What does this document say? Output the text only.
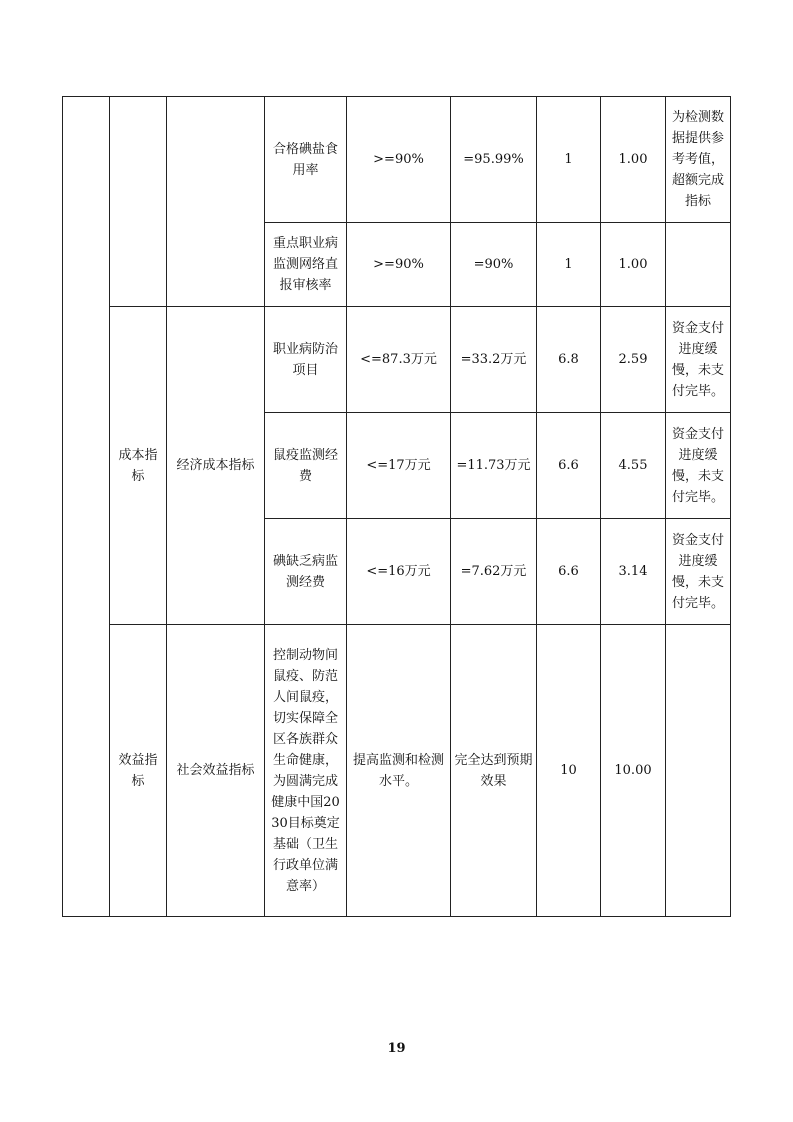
			合格碘盐食用率	>=90%	=95.99%	1	1.00	为检测数据提供参考考值，超额完成指标
			重点职业病监测网络直报审核率	>=90%	=90%	1	1.00	
	成本指标	经济成本指标	职业病防治项目	<=87.3万元	=33.2万元	6.8	2.59	资金支付进度缓慢，未支付完毕。
			鼠疫监测经费	<=17万元	=11.73万元	6.6	4.55	资金支付进度缓慢，未支付完毕。
			碘缺乏病监测经费	<=16万元	=7.62万元	6.6	3.14	资金支付进度缓慢，未支付完毕。
	效益指标	社会效益指标	控制动物间鼠疫、防范人间鼠疫，切实保障全区各族群众生命健康，为圆满完成健康中国2030目标奠定基础（卫生行政单位满意率）	提高监测和检测水平。	完全达到预期效果	10	10.00	
19
